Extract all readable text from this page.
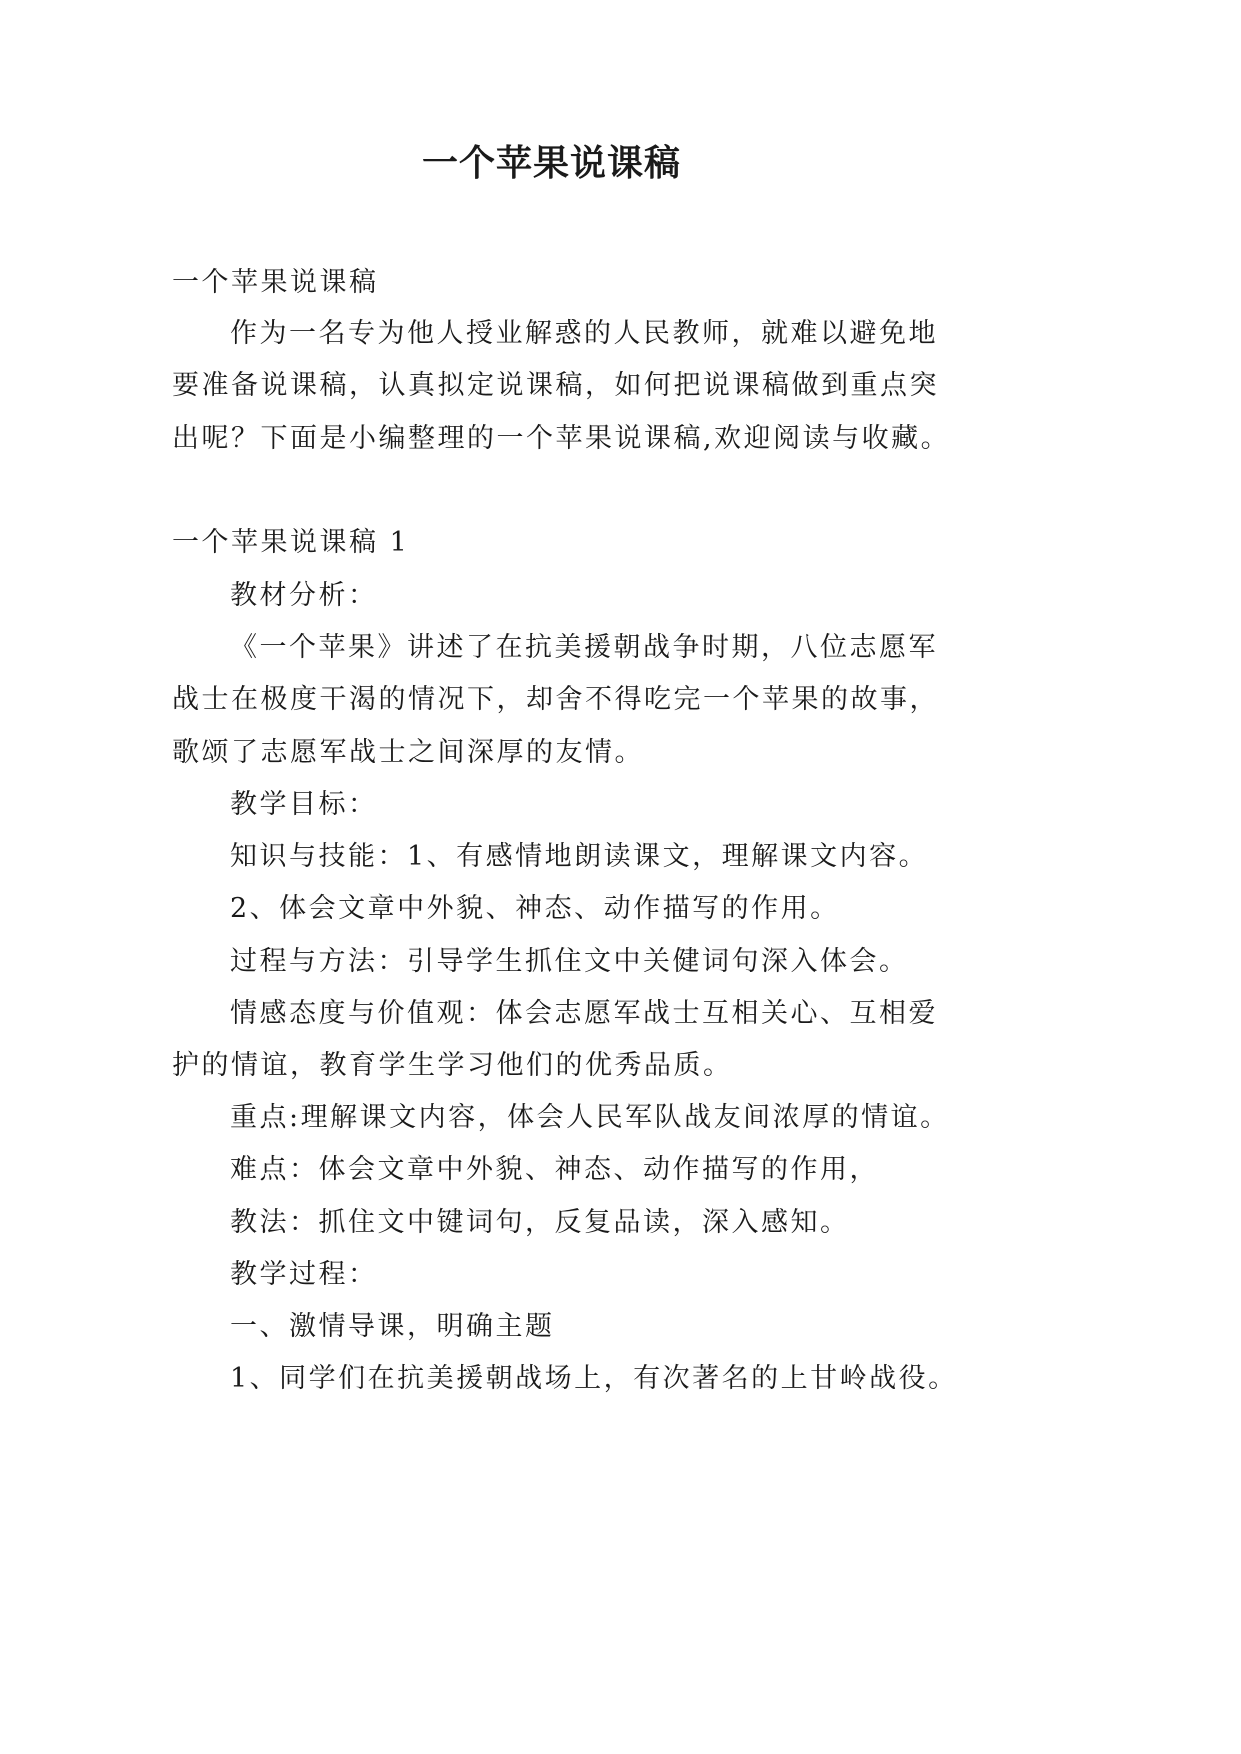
一个苹果说课稿
一个苹果说课稿
作为一名专为他人授业解惑的人民教师，就难以避免地
要准备说课稿，认真拟定说课稿，如何把说课稿做到重点突
出呢？下面是小编整理的一个苹果说课稿,欢迎阅读与收藏。
一个苹果说课稿 1
教材分析：
《一个苹果》讲述了在抗美援朝战争时期，八位志愿军
战士在极度干渴的情况下，却舍不得吃完一个苹果的故事，
歌颂了志愿军战士之间深厚的友情。
教学目标：
知识与技能：1、有感情地朗读课文，理解课文内容。
2、体会文章中外貌、神态、动作描写的作用。
过程与方法：引导学生抓住文中关健词句深入体会。
情感态度与价值观：体会志愿军战士互相关心、互相爱
护的情谊，教育学生学习他们的优秀品质。
重点:理解课文内容，体会人民军队战友间浓厚的情谊。
难点：体会文章中外貌、神态、动作描写的作用，
教法：抓住文中键词句，反复品读，深入感知。
教学过程：
一、激情导课，明确主题
1、同学们在抗美援朝战场上，有次著名的上甘岭战役。
